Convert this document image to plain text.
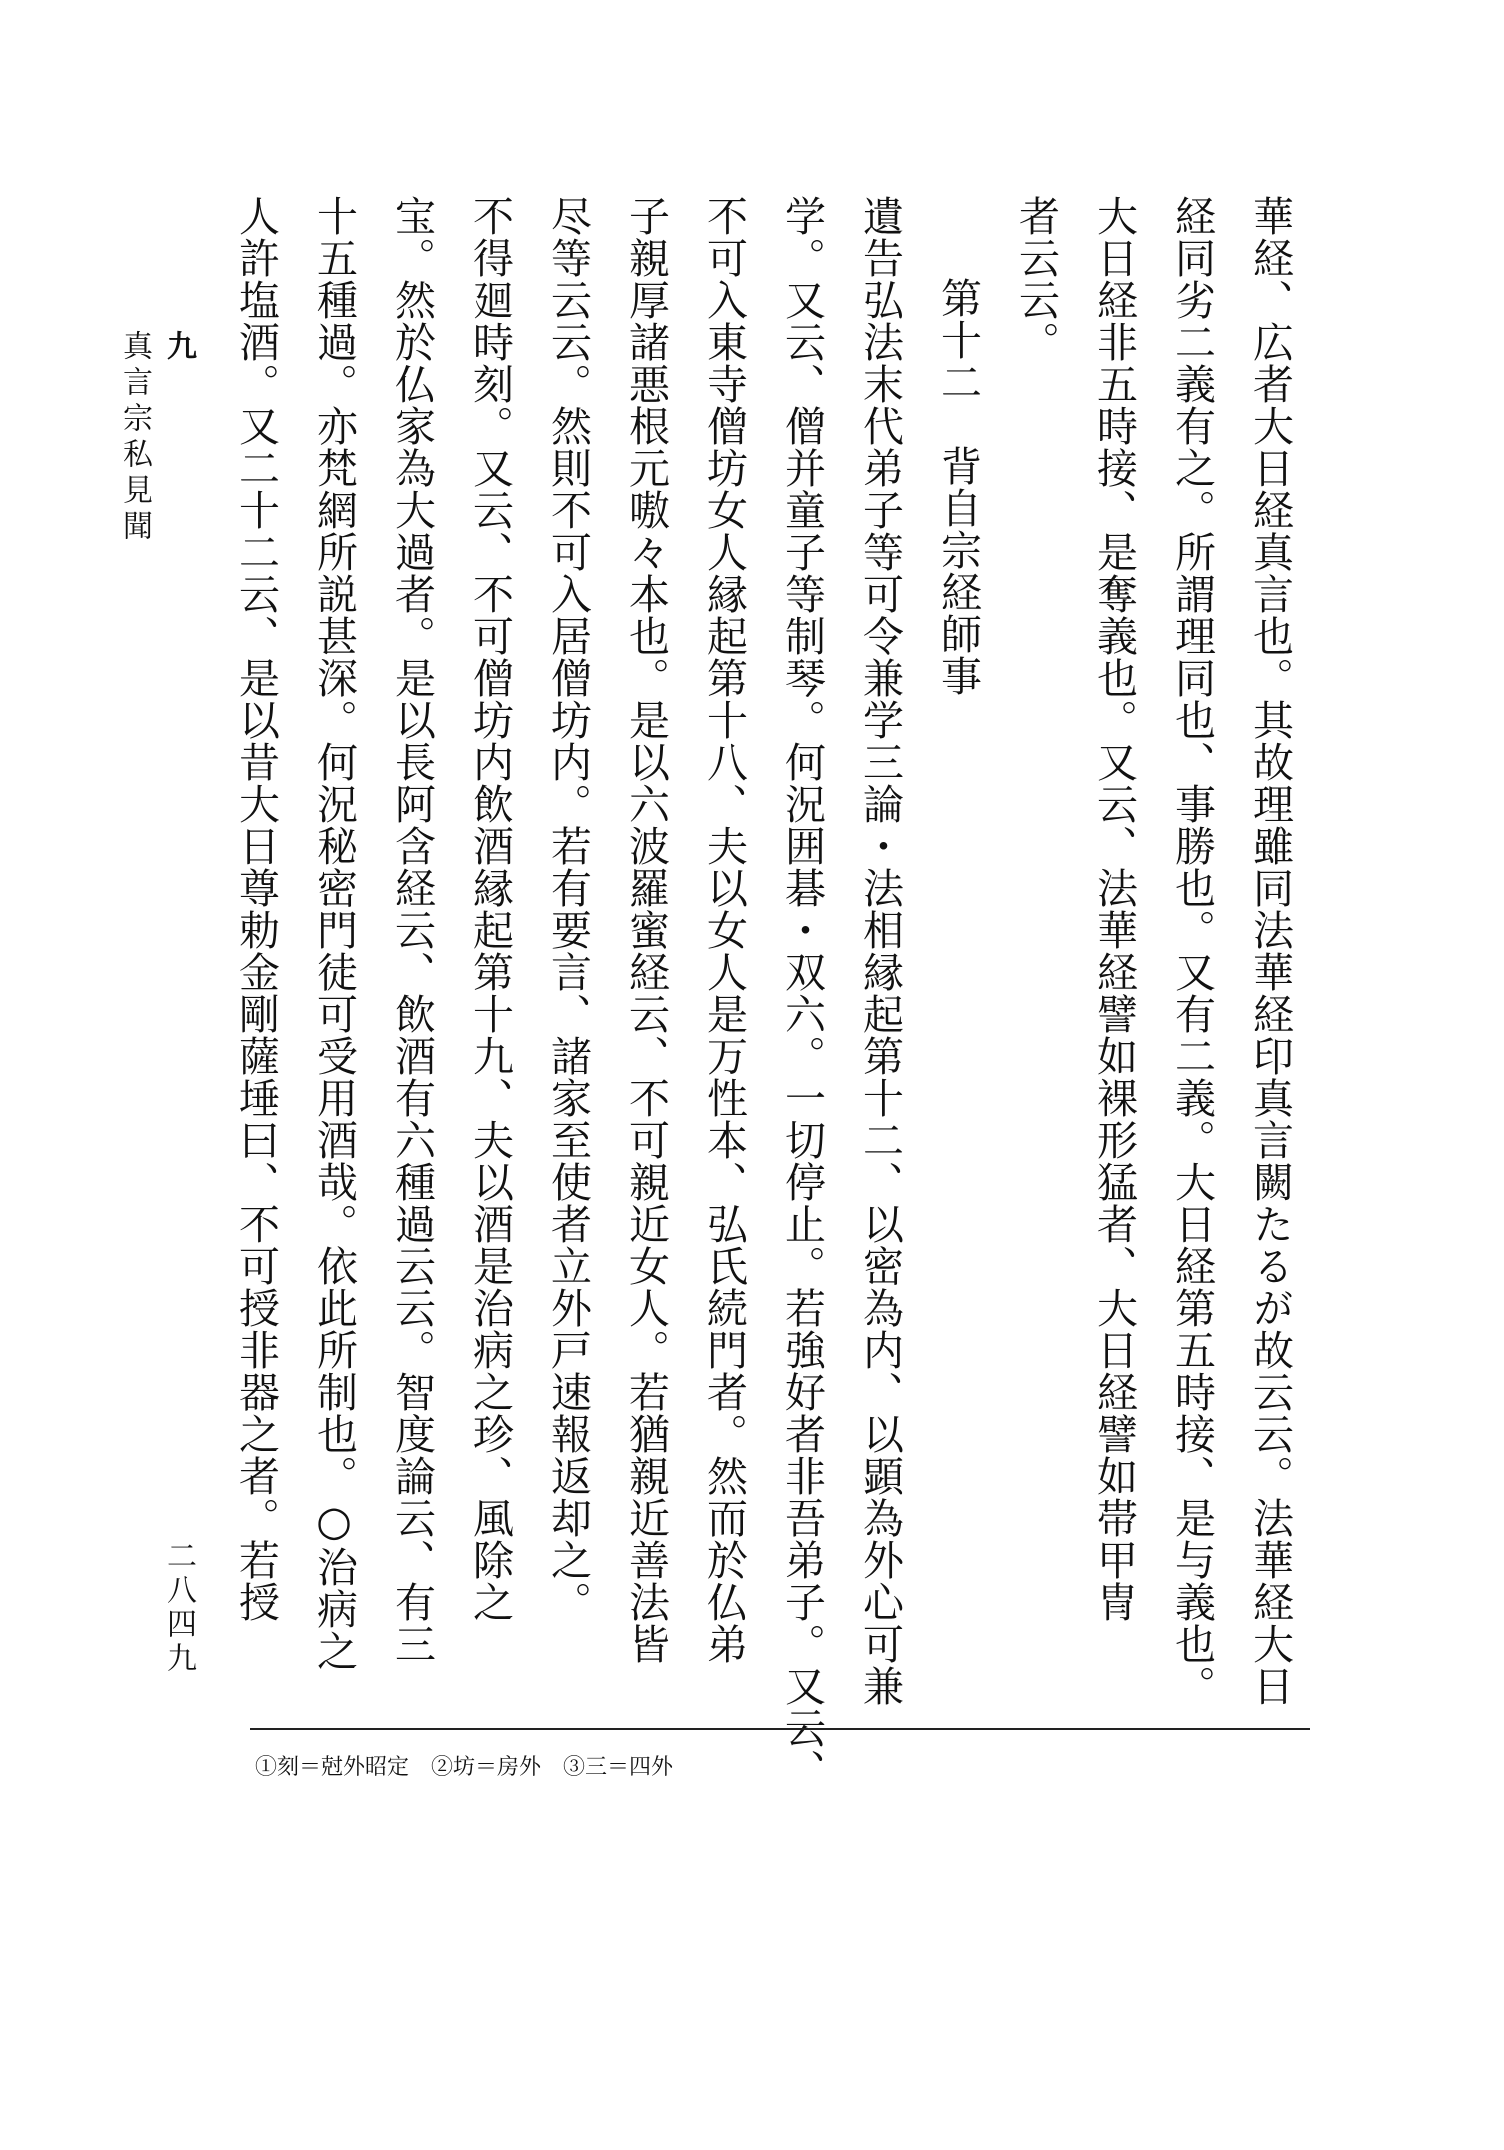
九
真言宗私見聞	華経、広者大日経真言也。其故理雖同法華経印真言闕たるが故云云。法華経大日
経同劣二義有之。所謂理同也、事勝也。又有二義。大日経第五時接、是与義也。
大日経非五時接、是奪義也。又云、法華経譬如裸形猛者、大日経譬如帯甲冑
者云云。
第十二　背自宗経師事
遺告弘法末代弟子等可令兼学三論・法相縁起第十二、以密為内、以顕為外心可兼
学。又云、僧并童子等制琴。何況囲碁・双六。一切停止。若強好者非吾弟子。又云、
不可入東寺僧坊女人縁起第十八、夫以女人是万性本、弘氏続門者。然而於仏弟
子親厚諸悪根元嗷々本也。是以六波羅蜜経云、不可親近女人。若猶親近善法皆
尽等云云。然則不可入居僧坊内。若有要言、諸家至使者立外戸速報返却之。
不得廻時刻。又云、不可僧坊内飲酒縁起第十九、夫以酒是治病之珍、風除之
宝。然於仏家為大過者。是以長阿含経云、飲酒有六種過云云。智度論云、有三
十五種過。亦梵網所説甚深。何況秘密門徒可受用酒哉。依此所制也。○治病之
人許塩酒。又二十二云、是以昔大日尊勅金剛薩埵曰、不可授非器之者。若授
二八四九
①刻＝尅外昭定　②坊＝房外　③三＝四外
